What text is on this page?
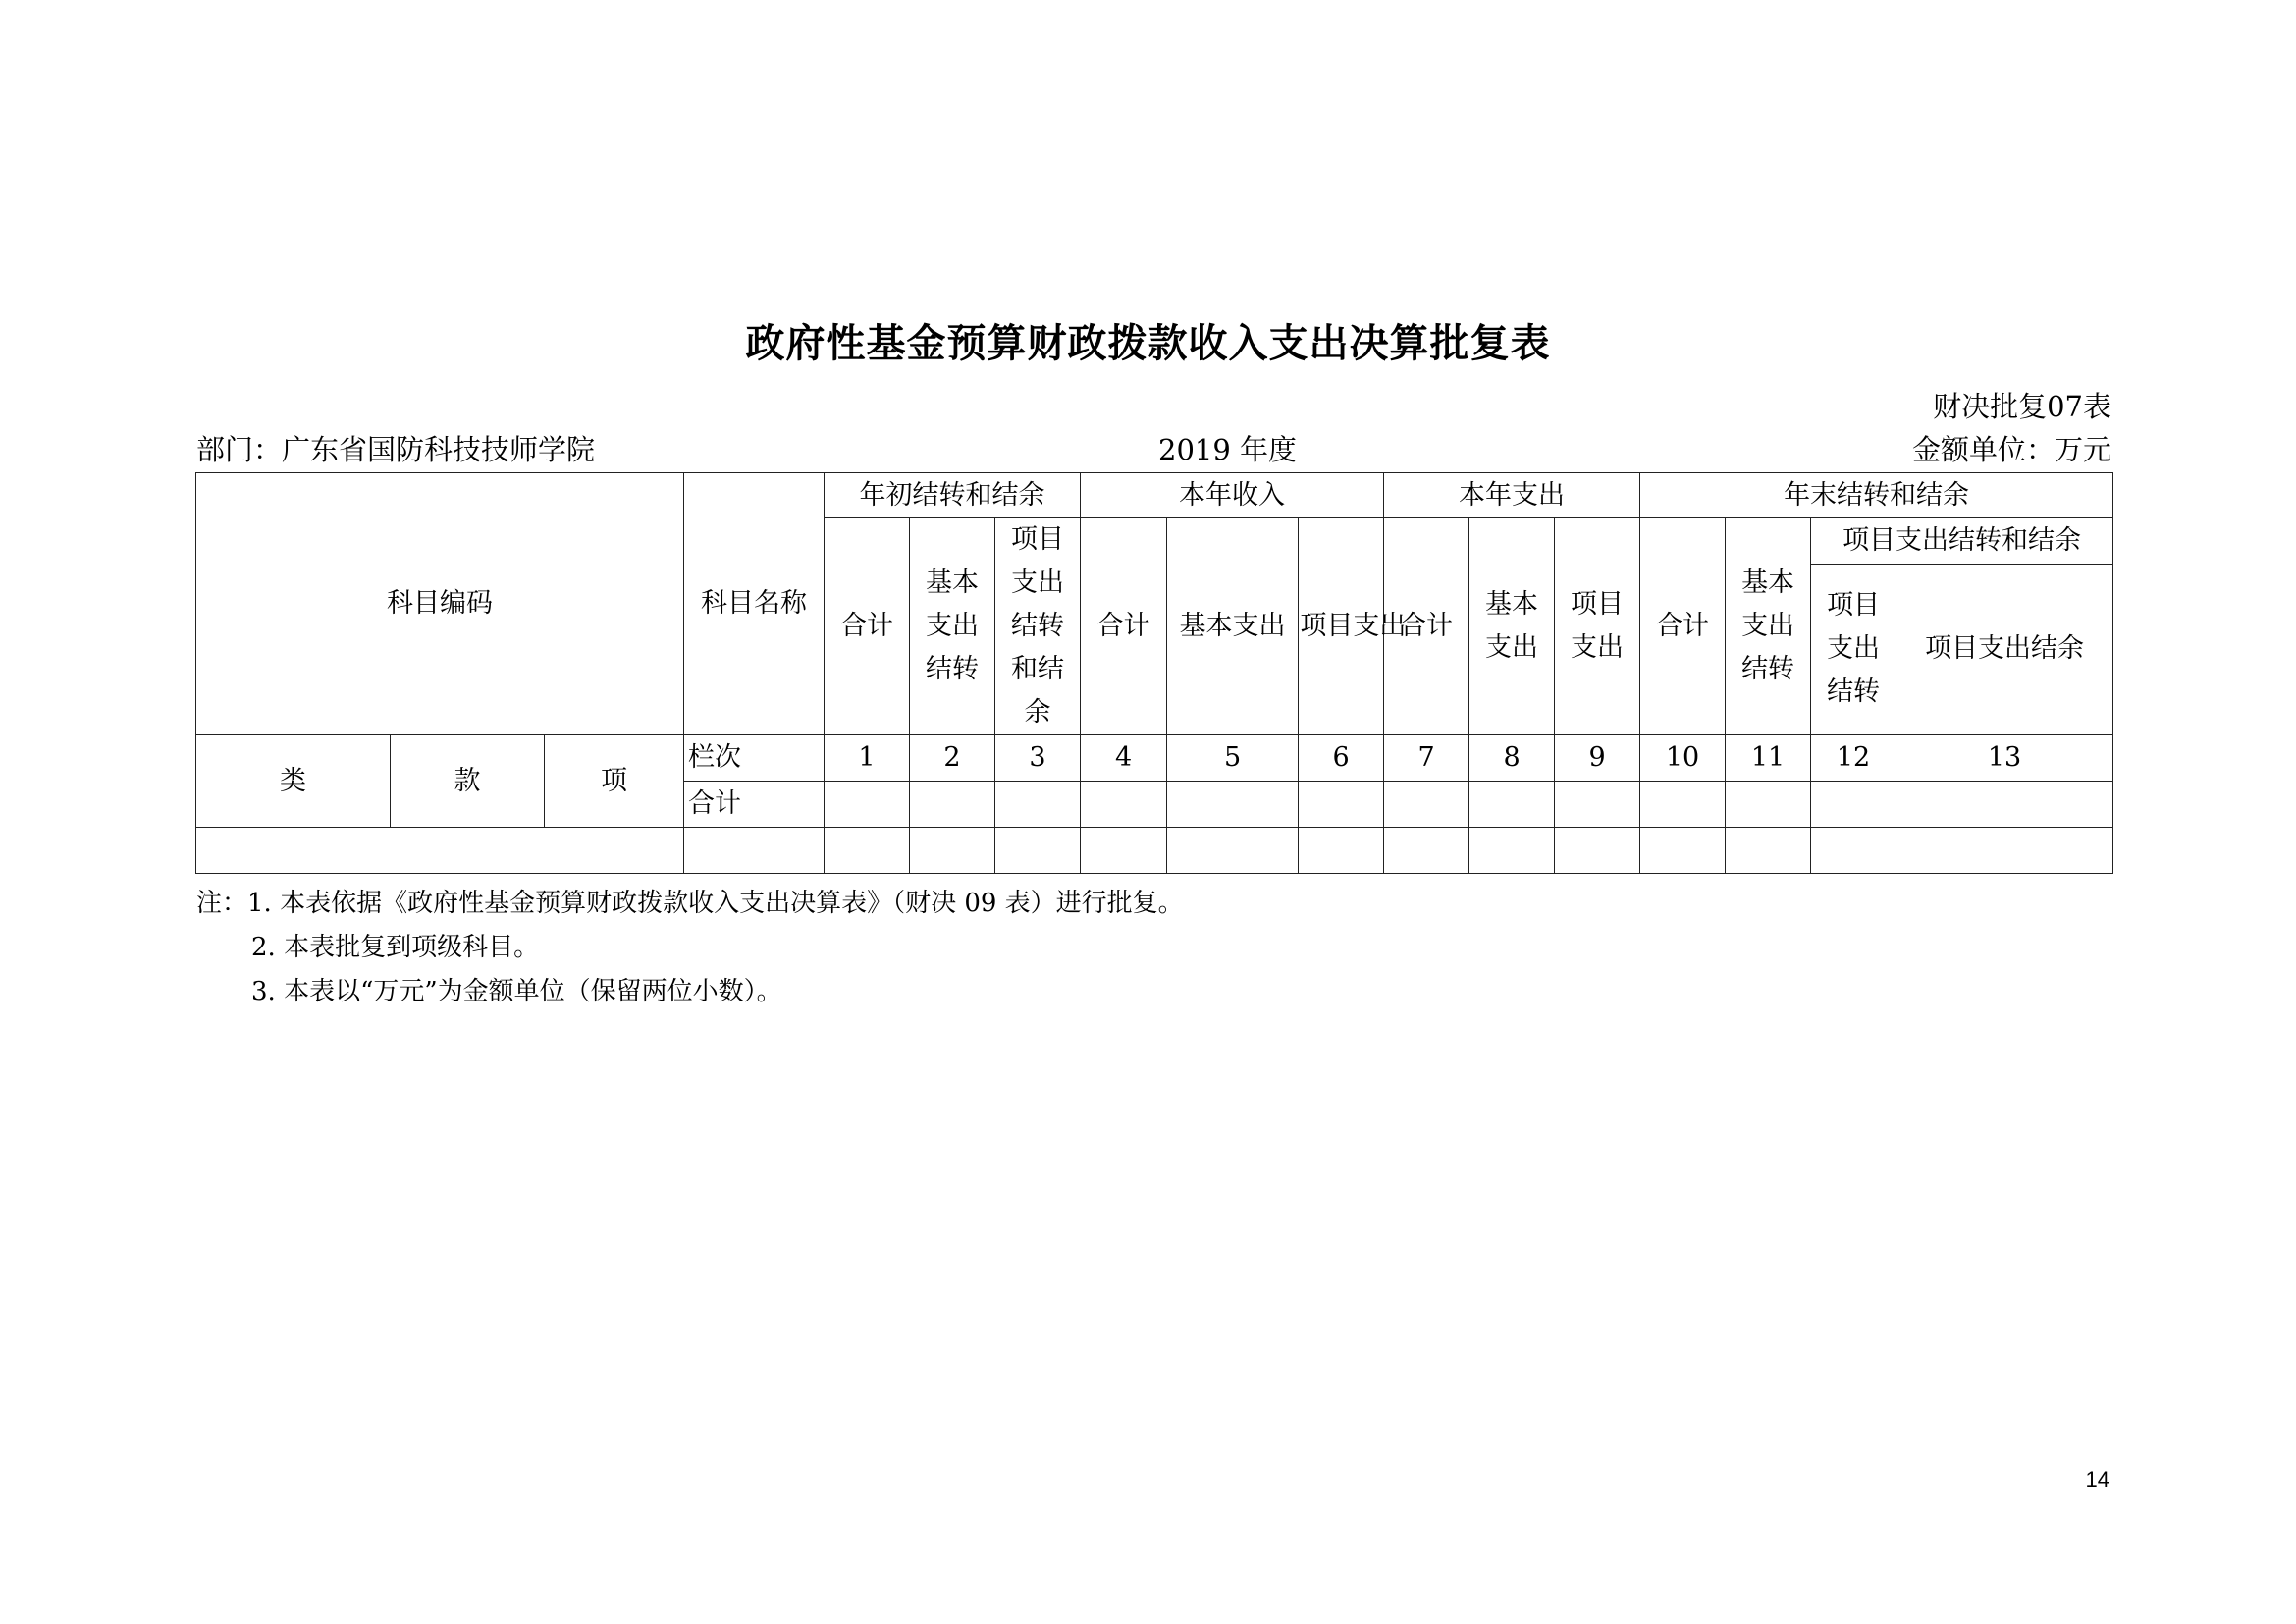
政府性基金预算财政拨款收入支出决算批复表
财决批复07表
部门：广东省国防科技技师学院	2019 年度	金额单位：万元
科目编码			科目名称	年初结转和结余			本年收入			本年支出			年末结转和结余			
				合计	基本支出结转	项目支出结转和结余	合计	基本支出	项目支出	合计	基本支出	项目支出	合计	基本支出结转	项目支出结转和结余	
															项目支出结转	项目支出结余
类	款	项	栏次	1	2	3	4	5	6	7	8	9	10	11	12	13
			合计													

注：1. 本表依据《政府性基金预算财政拨款收入支出决算表》（财决 09 表）进行批复。
2. 本表批复到项级科目。
3. 本表以“万元”为金额单位（保留两位小数）。
14
